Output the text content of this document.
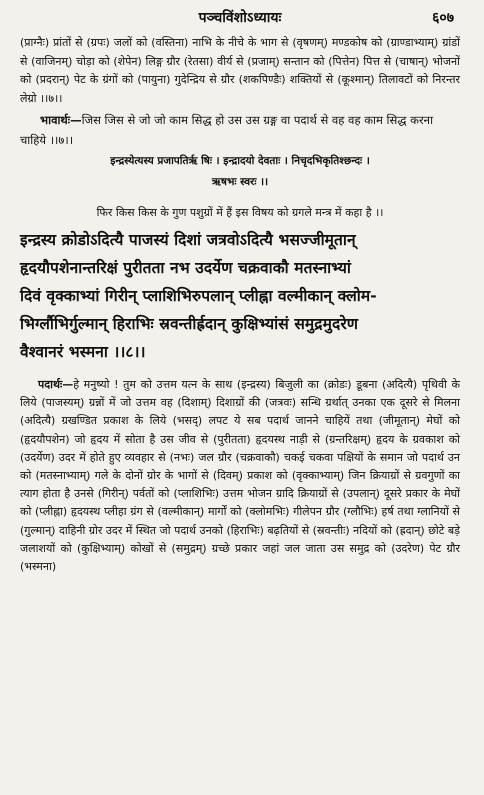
पञ्चविंशोऽध्यायः	६०७

(प्राग्नैः) प्रांतों से (ग्रपः) जलों को (वस्तिना) नाभि के नीचे के भाग से (वृषणम्) मण्डकोष को (ग्राण्डाभ्याम्) ग्रांडों से (वाजिनम्) चोड़ा को (शेपेन) लिङ्ग ग्रौर (रेतसा) वीर्य से (प्रजाम्) सन्तान को (पित्तेन) पित्त से (चाषान्) भोजनों को (प्रदरान्) पेट के ग्रंगों को (पायुना) गुदेन्द्रिय से ग्रौर (शकपिण्डैः) शक्तियों से (कूश्मान्) तिलावटों को निरन्तर लेग्रो ।।७।।

भावार्थः—जिस जिस से जो जो काम सिद्ध हो उस उस ग्रङ्ग वा पदार्थ से वह वह काम सिद्ध करना चाहिये ।।७।।

इन्द्रस्येत्यस्य प्रजापतिर्ऋ षिः । इन्द्रादयो देवताः । निचृदभिकृतिश्छन्दः ।

ऋषभः स्वरः ।।

फिर किस किस के गुण पशुग्रों में हैं इस विषय को ग्रगले मन्त्र में कहा है ।।

इन्द्रस्य क्रोडोऽदित्यै पाजस्यं दिशां जत्रवोऽदित्यै भसज्जीमूतान्
हृदयौपशेनान्तरिक्षं पुरीतता नभ उदर्येण चक्रवाकौ मतस्नाभ्यां
दिवं वृक्काभ्यां गिरीन् प्लाशिभिरुपलान् प्लीह्ना वल्मीकान् क्लोम-
भिर्ग्लौभिर्गुल्मान् हिराभिः स्रवन्तीर्ह्रदान् कुक्षिभ्यांसं समुद्रमुदरेण
वैश्वानरं भस्मना ।।८।।

पदार्थः—हे मनुष्यो ! तुम को उत्तम यत्न के साथ (इन्द्रस्य) बिजुली का (क्रोडः) डूबना (अदित्यै) पृथिवी के लिये (पाजस्यम्) ग्रन्नों में जो उत्तम वह (दिशाम्) दिशाग्रों की (जत्रवः) सन्धि ग्रर्थात् उनका एक दूसरे से मिलना (अदित्यै) ग्रखण्डित प्रकाश के लिये (भसद्) लपट ये सब पदार्थ जानने चाहियें तथा (जीमूतान्) मेघों को (हृदयौपशेन) जो हृदय में सोता है उस जीव से (पुरीतता) हृदयस्थ नाड़ी से (ग्रन्तरिक्षम्) हृदय के ग्रवकाश को (उदर्येण) उदर में होते हुए व्यवहार से (नभः) जल ग्रौर (चक्रवाकौ) चकई चकवा पक्षियों के समान जो पदार्थ उन को (मतस्नाभ्याम्) गले के दोनों ग्रोर के भागों से (दिवम्) प्रकाश को (वृक्काभ्याम्) जिन क्रियाग्रों से ग्रवगुणों का त्याग होता है उनसे (गिरीन्) पर्वतों को (प्लाशिभिः) उत्तम भोजन ग्रादि क्रियाग्रों से (उपलान्) दूसरे प्रकार के मेघों को (प्लीह्ना) हृदयस्थ प्लीहा ग्रंग से (वल्मीकान्) मार्गों को (क्लोमभिः) गीलेपन ग्रौर (ग्लौभिः) हर्ष तथा ग्लानियों से (गुल्मान्) दाहिनी ग्रोर उदर में स्थित जो पदार्थ उनको (हिराभिः) बढ़तियों से (स्रवन्तीः) नदियों को (ह्रदान्) छोटे बड़े जलाशयों को (कुक्षिभ्याम्) कोखों से (समुद्रम्) ग्रच्छे प्रकार जहां जल जाता उस समुद्र को (उदरेण) पेट ग्रौर (भस्मना)
